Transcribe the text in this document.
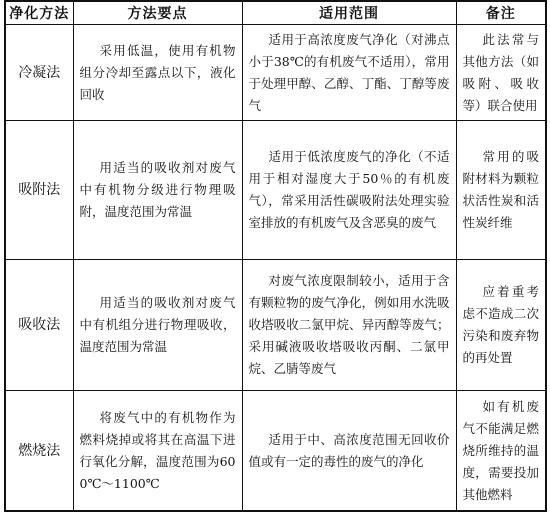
净化方法	方法要点	适用范围	备注
冷凝法	采用低温，使用有机物组分冷却至露点以下，液化回收	适用于高浓度废气净化（对沸点小于38℃的有机废气不适用），常用于处理甲醇、乙醇、丁酯、丁醇等废气	此法常与其他方法（如吸附、吸收等）联合使用
吸附法	用适当的吸收剂对废气中有机物分级进行物理吸附，温度范围为常温	适用于低浓度废气的净化（不适用于相对湿度大于50％的有机废气），常采用活性碳吸附法处理实验室排放的有机废气及含恶臭的废气	常用的吸附材料为颗粒状活性炭和活性炭纤维
吸收法	用适当的吸收剂对废气中有机组分进行物理吸收，温度范围为常温	对废气浓度限制较小，适用于含有颗粒物的废气净化，例如用水洗吸收塔吸收二氯甲烷、异丙醇等废气；采用碱液吸收塔吸收丙酮、二氯甲烷、乙腈等废气	应着重考虑不造成二次污染和废弃物的再处置
燃烧法	将废气中的有机物作为燃料烧掉或将其在高温下进行氧化分解，温度范围为600℃～1100℃	适用于中、高浓度范围无回收价值或有一定的毒性的废气的净化	如有机废气不能满足燃烧所维持的温度，需要投加其他燃料
